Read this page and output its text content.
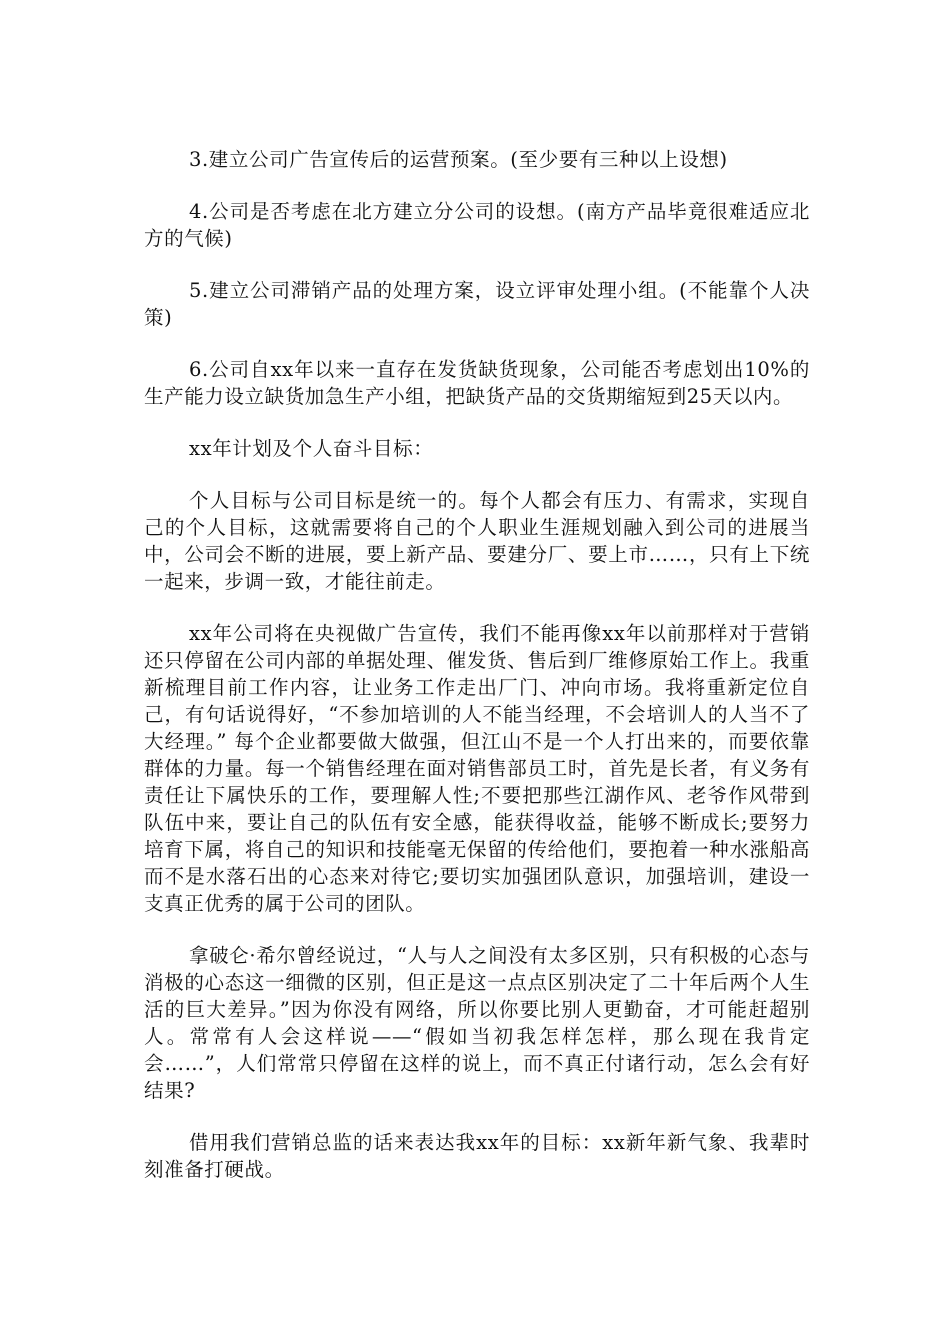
3.建立公司广告宣传后的运营预案。(至少要有三种以上设想)

4.公司是否考虑在北方建立分公司的设想。(南方产品毕竟很难适应北方的气候)

5.建立公司滞销产品的处理方案，设立评审处理小组。(不能靠个人决策)

6.公司自xx年以来一直存在发货缺货现象，公司能否考虑划出10%的生产能力设立缺货加急生产小组，把缺货产品的交货期缩短到25天以内。

xx年计划及个人奋斗目标：

个人目标与公司目标是统一的。每个人都会有压力、有需求，实现自己的个人目标，这就需要将自己的个人职业生涯规划融入到公司的进展当中，公司会不断的进展，要上新产品、要建分厂、要上市……，只有上下统一起来，步调一致，才能往前走。

xx年公司将在央视做广告宣传，我们不能再像xx年以前那样对于营销还只停留在公司内部的单据处理、催发货、售后到厂维修原始工作上。我重新梳理目前工作内容，让业务工作走出厂门、冲向市场。我将重新定位自己，有句话说得好，“不参加培训的人不能当经理，不会培训人的人当不了大经理。” 每个企业都要做大做强，但江山不是一个人打出来的，而要依靠群体的力量。每一个销售经理在面对销售部员工时，首先是长者，有义务有责任让下属快乐的工作，要理解人性;不要把那些江湖作风、老爷作风带到队伍中来，要让自己的队伍有安全感，能获得收益，能够不断成长;要努力培育下属，将自己的知识和技能毫无保留的传给他们，要抱着一种水涨船高而不是水落石出的心态来对待它;要切实加强团队意识，加强培训，建设一支真正优秀的属于公司的团队。

拿破仑·希尔曾经说过，“人与人之间没有太多区别，只有积极的心态与消极的心态这一细微的区别，但正是这一点点区别决定了二十年后两个人生活的巨大差异。”因为你没有网络，所以你要比别人更勤奋，才可能赶超别人。常常有人会这样说——“假如当初我怎样怎样，那么现在我肯定会……”，人们常常只停留在这样的说上，而不真正付诸行动，怎么会有好结果?

借用我们营销总监的话来表达我xx年的目标：xx新年新气象、我辈时刻准备打硬战。
